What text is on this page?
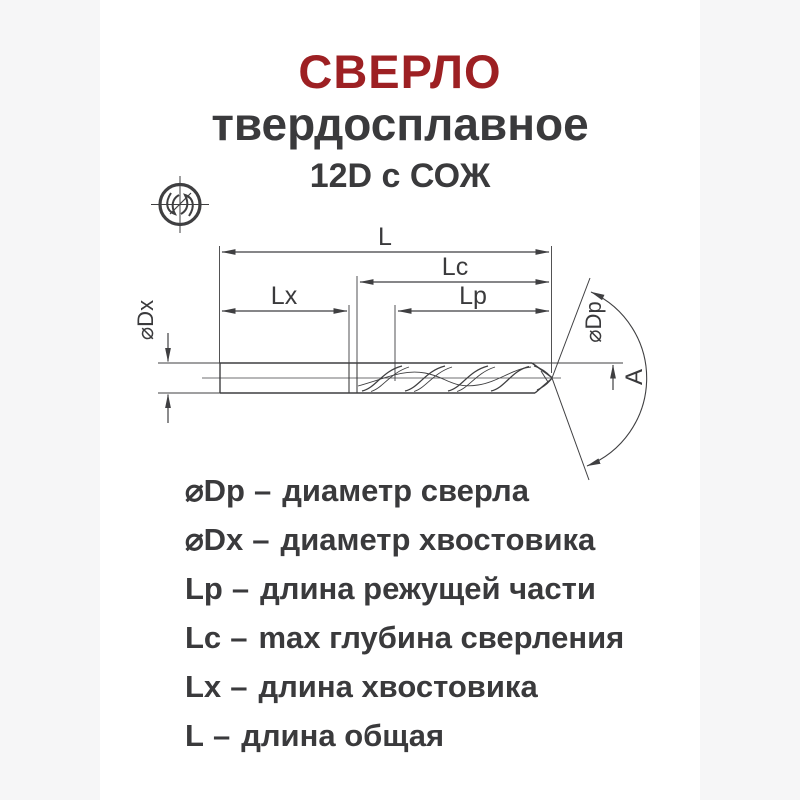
СВЕРЛО
твердосплавное
12D с СОЖ
L
Lc
Lx	Lp
⌀Dx	⌀Dp
A
⌀Dp – диаметр сверла
⌀Dx – диаметр хвостовика
Lp – длина режущей части
Lc – max глубина сверления
Lx – длина хвостовика
L – длина общая
